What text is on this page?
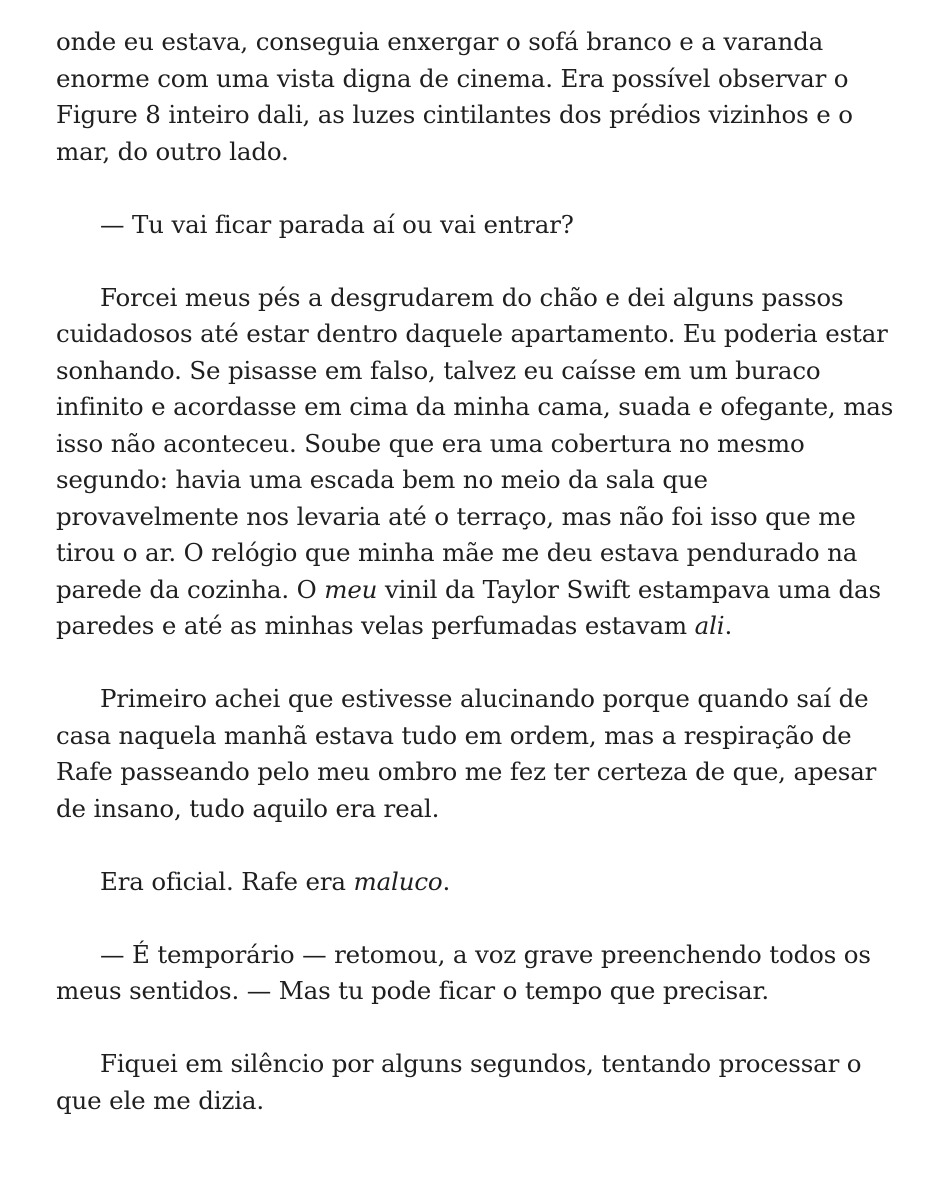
onde eu estava, conseguia enxergar o sofá branco e a varanda enorme com uma vista digna de cinema. Era possível observar o Figure 8 inteiro dali, as luzes cintilantes dos prédios vizinhos e o mar, do outro lado.

— Tu vai ficar parada aí ou vai entrar?

Forcei meus pés a desgrudarem do chão e dei alguns passos cuidadosos até estar dentro daquele apartamento. Eu poderia estar sonhando. Se pisasse em falso, talvez eu caísse em um buraco infinito e acordasse em cima da minha cama, suada e ofegante, mas isso não aconteceu. Soube que era uma cobertura no mesmo segundo: havia uma escada bem no meio da sala que provavelmente nos levaria até o terraço, mas não foi isso que me tirou o ar. O relógio que minha mãe me deu estava pendurado na parede da cozinha. O meu vinil da Taylor Swift estampava uma das paredes e até as minhas velas perfumadas estavam ali.

Primeiro achei que estivesse alucinando porque quando saí de casa naquela manhã estava tudo em ordem, mas a respiração de Rafe passeando pelo meu ombro me fez ter certeza de que, apesar de insano, tudo aquilo era real.

Era oficial. Rafe era maluco.

— É temporário — retomou, a voz grave preenchendo todos os meus sentidos. — Mas tu pode ficar o tempo que precisar.

Fiquei em silêncio por alguns segundos, tentando processar o que ele me dizia.
